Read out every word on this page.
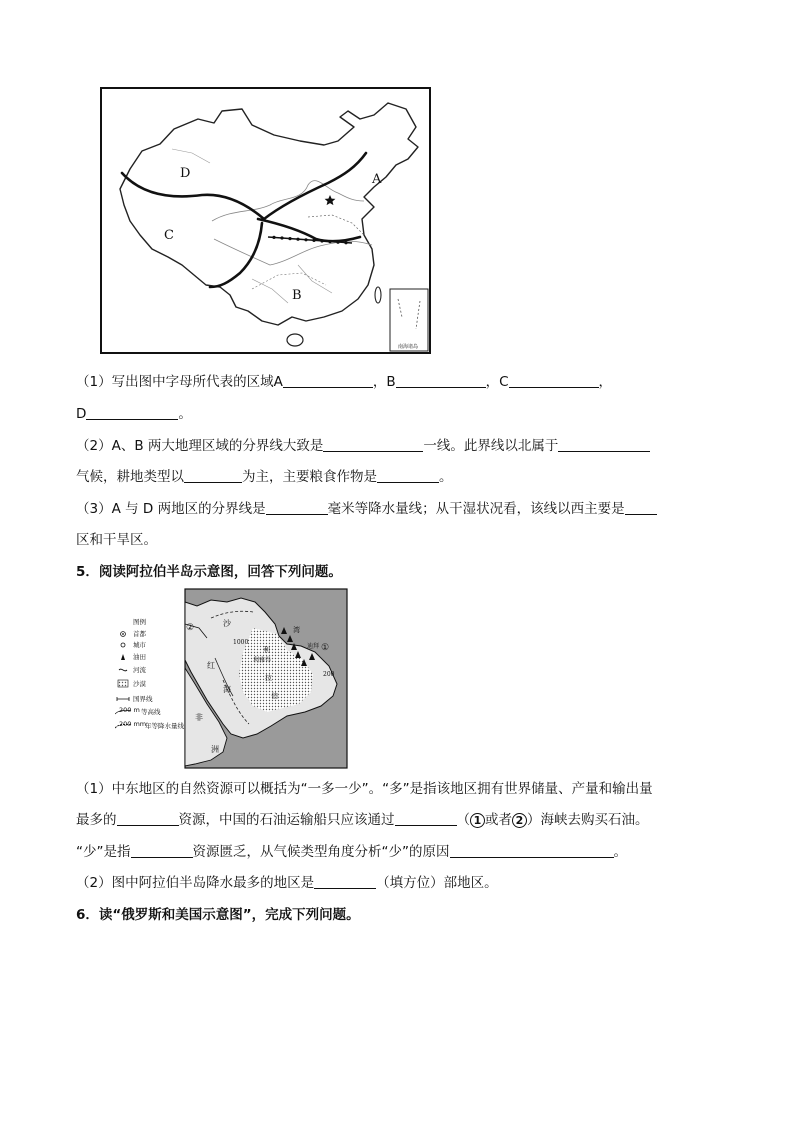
南海诸岛
A
B
C
D
（1）写出图中字母所代表的区域A	，B	，C	，
D	。
（2）A、B 两大地理区域的分界线大致是	一线。此界线以北属于
气候，耕地类型以	为主，主要粮食作物是	。
（3）A 与 D 两地区的分界线是	毫米等降水量线；从干湿状况看，该线以西主要是
区和干旱区。
5．阅读阿拉伯半岛示意图，回答下列问题。
图例
首都
城市
油田
河流
沙漠
国界线
200 m 等高线
200 mm
年等降水量线
①
②	沙
利
利雅得
拉
伯
迪拜
湾
红
海
非
洲
1000
200
（1）中东地区的自然资源可以概括为“一多一少”。“多”是指该地区拥有世界储量、产量和输出量
最多的	资源，中国的石油运输船只应该通过	（ 1 或者 2 ）海峡去购买石油。
“少”是指	资源匮乏，从气候类型角度分析“少”的原因	。
（2）图中阿拉伯半岛降水最多的地区是	（填方位）部地区。
6．读“俄罗斯和美国示意图”，完成下列问题。
